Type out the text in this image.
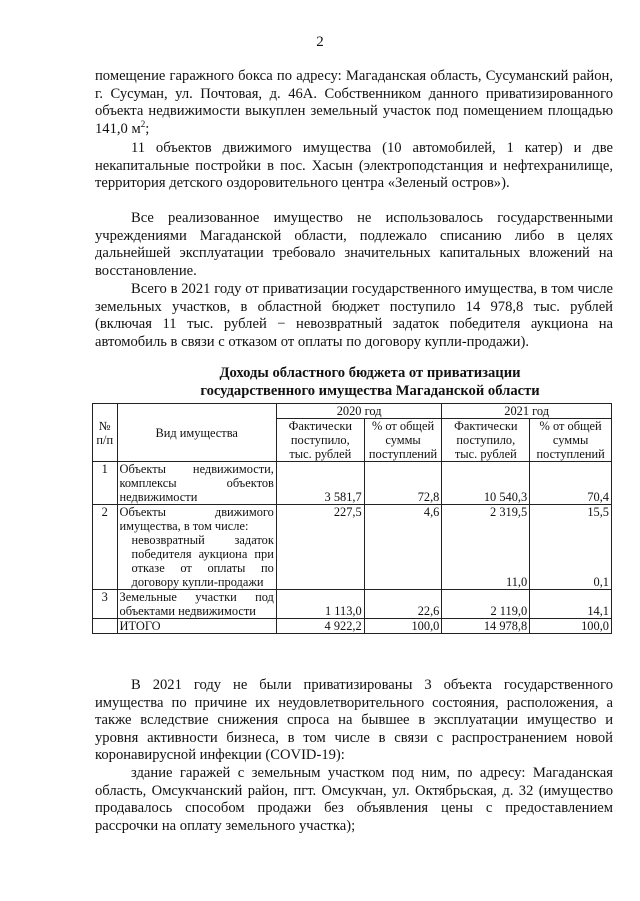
2

помещение гаражного бокса по адресу: Магаданская область, Сусуманский район, г. Сусуман, ул. Почтовая, д. 46А. Собственником данного приватизированного объекта недвижимости выкуплен земельный участок под помещением площадью 141,0 $м^2$;

11 объектов движимого имущества (10 автомобилей, 1 катер) и две некапитальные постройки в пос. Хасын (электроподстанция и нефтехранилище, территория детского оздоровительного центра «Зеленый остров»).

Все реализованное имущество не использовалось государственными учреждениями Магаданской области, подлежало списанию либо в целях дальнейшей эксплуатации требовало значительных капитальных вложений на восстановление.

Всего в 2021 году от приватизации государственного имущества, в том числе земельных участков, в областной бюджет поступило 14 978,8 тыс. рублей (включая 11 тыс. рублей − невозвратный задаток победителя аукциона на автомобиль в связи с отказом от оплаты по договору купли-продажи).

Доходы областного бюджета от приватизации
государственного имущества Магаданской области
№ п/п	Вид имущества	2020 год		2021 год	
		Фактически поступило, тыс. рублей	% от общей суммы поступлений	Фактически поступило, тыс. рублей	% от общей суммы поступлений
1	Объекты недвижимости, комплексы объектов недвижимости	3 581,7	72,8	10 540,3	70,4
2	Объекты движимого имущества, в том числе:	227,5	4,6	2 319,5	15,5
	невозвратный задаток победителя аукциона при отказе от оплаты по договору купли-продажи			11,0	0,1
3	Земельные участки под объектами недвижимости	1 113,0	22,6	2 119,0	14,1
	ИТОГО	4 922,2	100,0	14 978,8	100,0

В 2021 году не были приватизированы 3 объекта государственного имущества по причине их неудовлетворительного состояния, расположения, а также вследствие снижения спроса на бывшее в эксплуатации имущество и уровня активности бизнеса, в том числе в связи с распространением новой коронавирусной инфекции (COVID-19):

здание гаражей с земельным участком под ним, по адресу: Магаданская область, Омсукчанский район, пгт. Омсукчан, ул. Октябрьская, д. 32 (имущество продавалось способом продажи без объявления цены с предоставлением рассрочки на оплату земельного участка);
